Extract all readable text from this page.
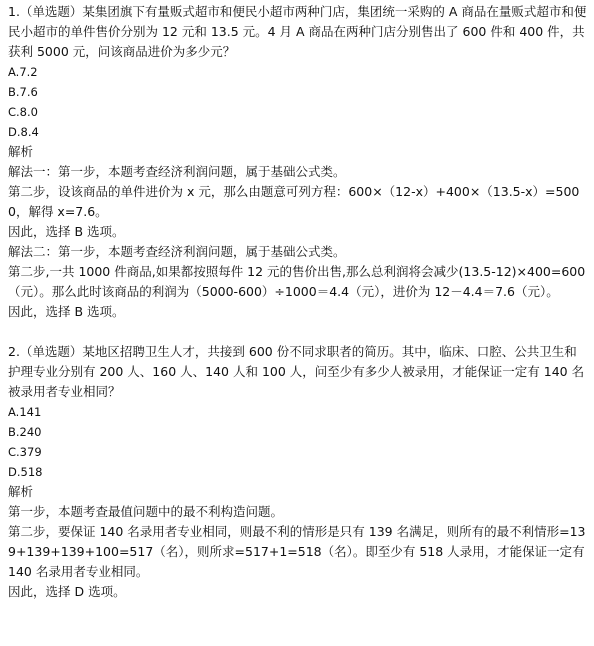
1.（单选题）某集团旗下有量贩式超市和便民小超市两种门店，集团统一采购的 A 商品在量贩式超市和便民小超市的单件售价分别为 12 元和 13.5 元。4 月 A 商品在两种门店分别售出了 600 件和 400 件，共获利 5000 元，问该商品进价为多少元？
A.7.2
B.7.6
C.8.0
D.8.4
解析
解法一：第一步，本题考查经济利润问题，属于基础公式类。
第二步，设该商品的单件进价为 x 元，那么由题意可列方程：600×（12-x）+400×（13.5-x）=5000，解得 x=7.6。
因此，选择 B 选项。
解法二：第一步，本题考查经济利润问题，属于基础公式类。
第二步,一共 1000 件商品,如果都按照每件 12 元的售价出售,那么总利润将会减少(13.5-12)×400=600（元）。那么此时该商品的利润为（5000-600）÷1000＝4.4（元），进价为 12－4.4＝7.6（元）。
因此，选择 B 选项。
2.（单选题）某地区招聘卫生人才，共接到 600 份不同求职者的简历。其中，临床、口腔、公共卫生和护理专业分别有 200 人、160 人、140 人和 100 人，问至少有多少人被录用，才能保证一定有 140 名被录用者专业相同？
A.141
B.240
C.379
D.518
解析
第一步，本题考查最值问题中的最不利构造问题。
第二步，要保证 140 名录用者专业相同，则最不利的情形是只有 139 名满足，则所有的最不利情形=139+139+139+100=517（名），则所求=517+1=518（名）。即至少有 518 人录用，才能保证一定有 140 名录用者专业相同。
因此，选择 D 选项。
